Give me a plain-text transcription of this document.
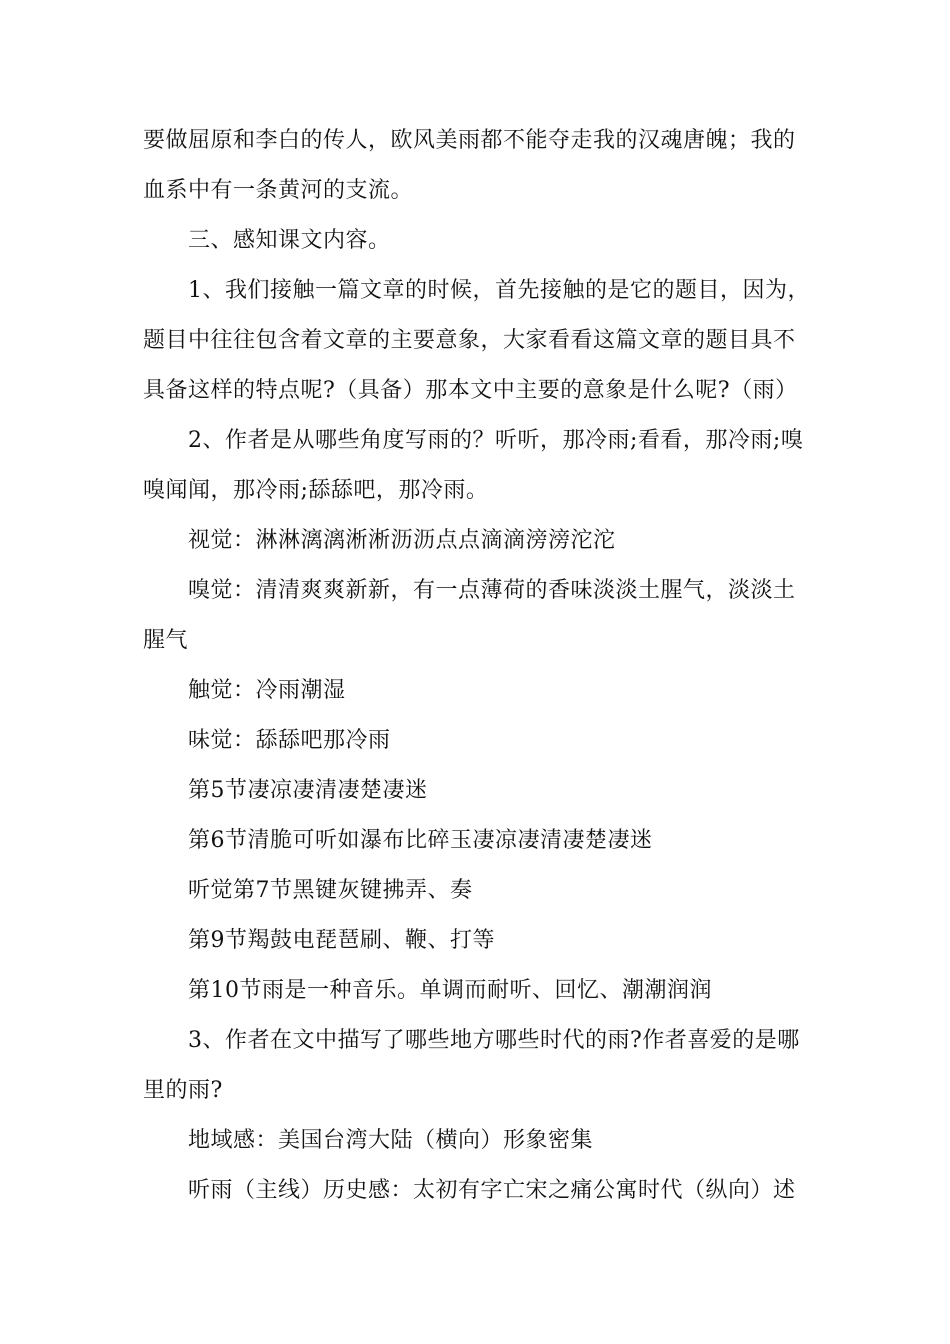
要做屈原和李白的传人，欧风美雨都不能夺走我的汉魂唐魄；我的
血系中有一条黄河的支流。
三、感知课文内容。
1、我们接触一篇文章的时候，首先接触的是它的题目，因为，
题目中往往包含着文章的主要意象，大家看看这篇文章的题目具不
具备这样的特点呢?（具备）那本文中主要的意象是什么呢?（雨）
2、作者是从哪些角度写雨的？听听，那冷雨;看看，那冷雨;嗅
嗅闻闻，那冷雨;舔舔吧，那冷雨。
视觉：淋淋漓漓淅淅沥沥点点滴滴滂滂沱沱
嗅觉：清清爽爽新新，有一点薄荷的香味淡淡土腥气，淡淡土
腥气
触觉：冷雨潮湿
味觉：舔舔吧那冷雨
第5节凄凉凄清凄楚凄迷
第6节清脆可听如瀑布比碎玉凄凉凄清凄楚凄迷
听觉第7节黑键灰键拂弄、奏
第9节羯鼓电琵琶刷、鞭、打等
第10节雨是一种音乐。单调而耐听、回忆、潮潮润润
3、作者在文中描写了哪些地方哪些时代的雨?作者喜爱的是哪
里的雨?
地域感：美国台湾大陆（横向）形象密集
听雨（主线）历史感：太初有字亡宋之痛公寓时代（纵向）述
